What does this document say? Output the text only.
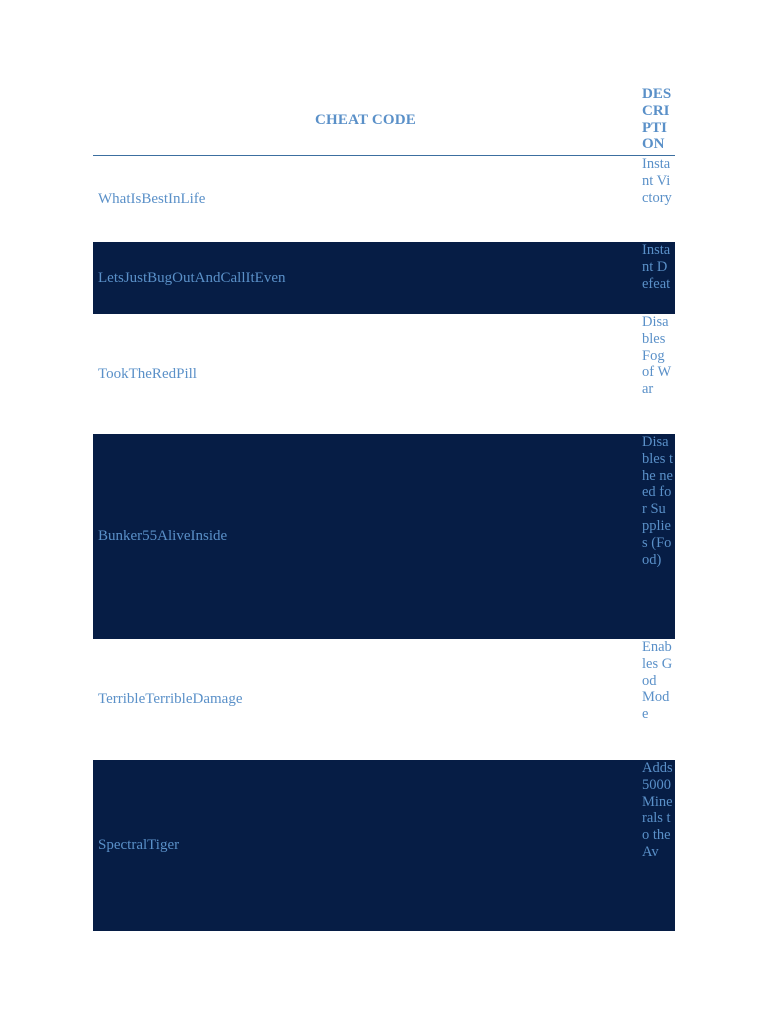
CHEAT CODE
DESCRIPTION
WhatIsBestInLife
Instant Victory
LetsJustBugOutAndCallItEven
Instant Defeat
TookTheRedPill
Disables Fog of War
Bunker55AliveInside
Disables the need for Supplies (Food)
TerribleTerribleDamage
Enables God Mode
SpectralTiger
Adds 5000 Minerals to the Av
